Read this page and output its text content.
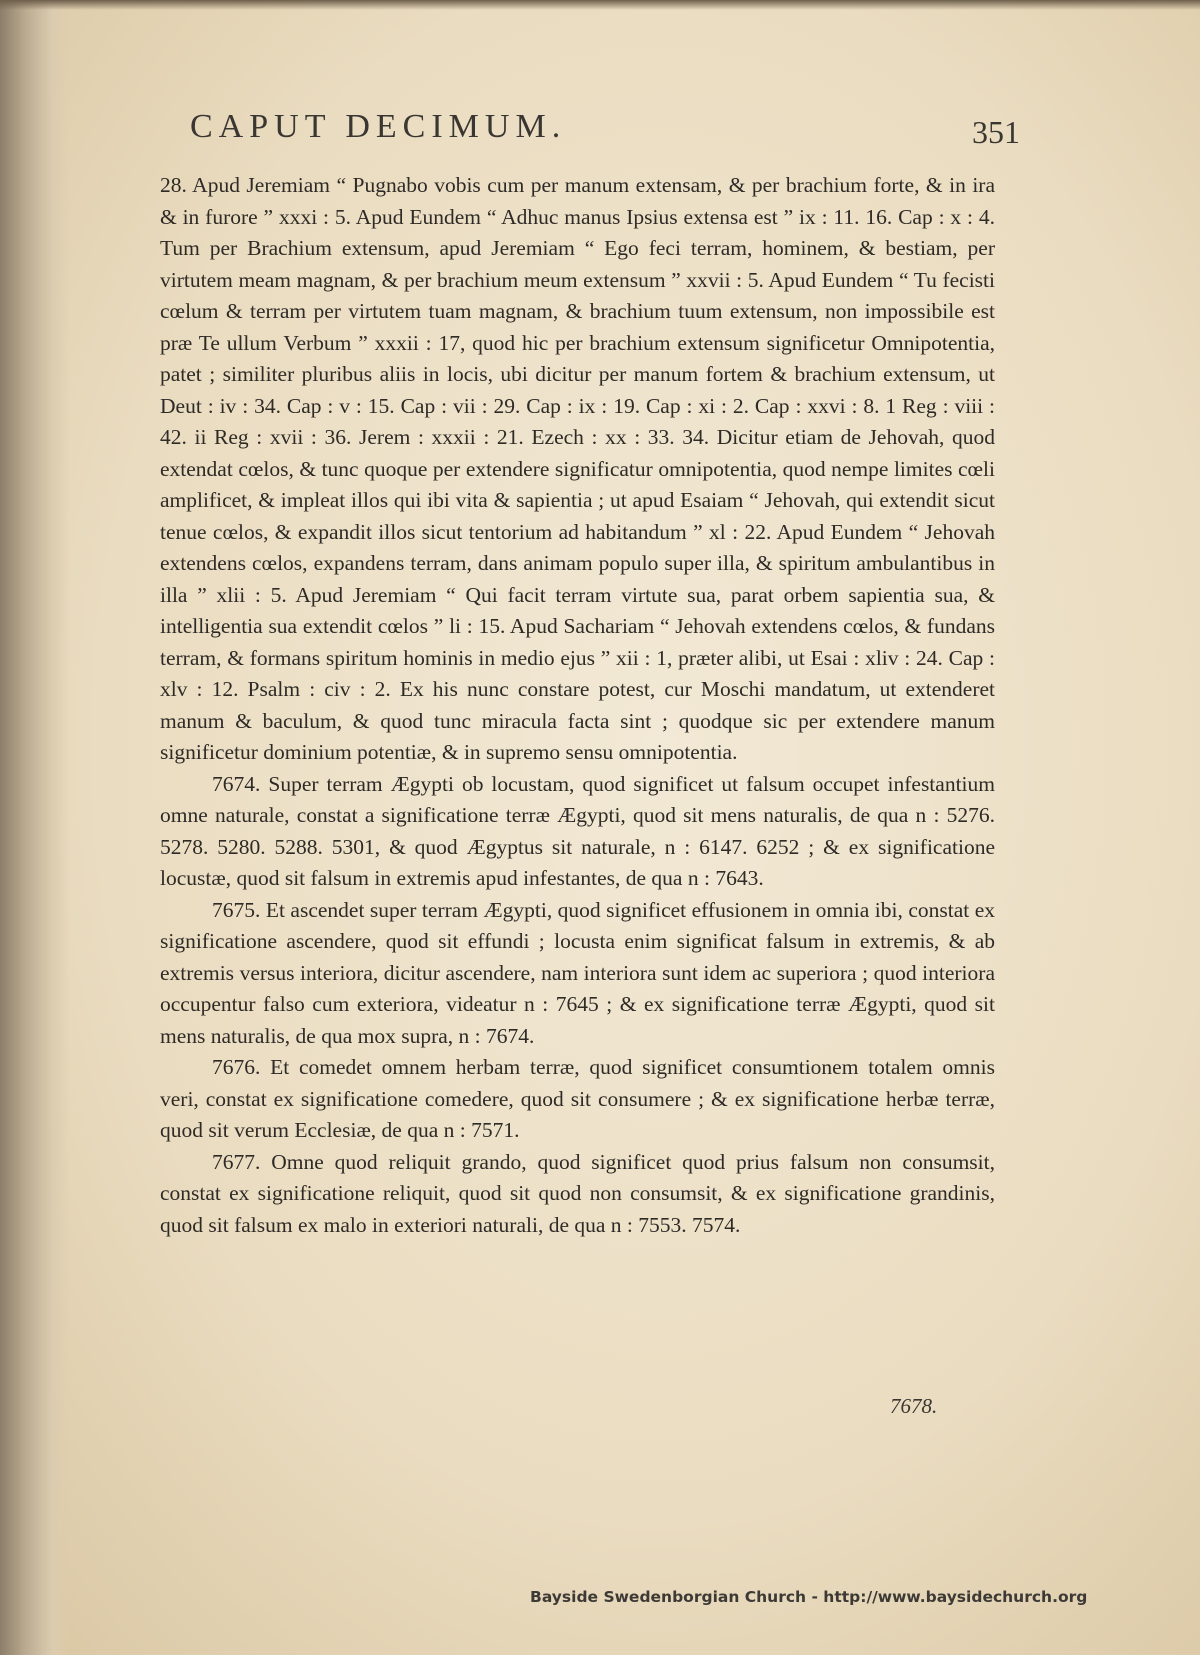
CAPUT DECIMUM.	351

28. Apud Jeremiam “ Pugnabo vobis cum per manum extensam, & per brachium forte, & in ira & in furore ” xxxi : 5. Apud Eundem “ Adhuc manus Ipsius extensa est ” ix : 11. 16. Cap : x : 4. Tum per Brachium extensum, apud Jeremiam “ Ego feci terram, hominem, & bestiam, per virtutem meam magnam, & per brachium meum extensum ” xxvii : 5. Apud Eundem “ Tu fecisti cœlum & terram per virtutem tuam magnam, & brachium tuum extensum, non impossibile est præ Te ullum Verbum ” xxxii : 17, quod hic per brachium extensum significetur Omnipotentia, patet ; similiter pluribus aliis in locis, ubi dicitur per manum fortem & brachium extensum, ut Deut : iv : 34. Cap : v : 15. Cap : vii : 29. Cap : ix : 19. Cap : xi : 2. Cap : xxvi : 8. 1 Reg : viii : 42. ii Reg : xvii : 36. Jerem : xxxii : 21. Ezech : xx : 33. 34. Dicitur etiam de Jehovah, quod extendat cœlos, & tunc quoque per extendere significatur omnipotentia, quod nempe limites cœli amplificet, & impleat illos qui ibi vita & sapientia ; ut apud Esaiam “ Jehovah, qui extendit sicut tenue cœlos, & expandit illos sicut tentorium ad habitandum ” xl : 22. Apud Eundem “ Jehovah extendens cœlos, expandens terram, dans animam populo super illa, & spiritum ambulantibus in illa ” xlii : 5. Apud Jeremiam “ Qui facit terram virtute sua, parat orbem sapientia sua, & intelligentia sua extendit cœlos ” li : 15. Apud Sachariam “ Jehovah extendens cœlos, & fundans terram, & formans spiritum hominis in medio ejus ” xii : 1, præter alibi, ut Esai : xliv : 24. Cap : xlv : 12. Psalm : civ : 2. Ex his nunc constare potest, cur Moschi mandatum, ut extenderet manum & baculum, & quod tunc miracula facta sint ; quodque sic per extendere manum significetur dominium potentiæ, & in supremo sensu omnipotentia.

7674. Super terram Ægypti ob locustam, quod significet ut falsum occupet infestantium omne naturale, constat a significatione terræ Ægypti, quod sit mens naturalis, de qua n : 5276. 5278. 5280. 5288. 5301, & quod Ægyptus sit naturale, n : 6147. 6252 ; & ex significatione locustæ, quod sit falsum in extremis apud infestantes, de qua n : 7643.

7675. Et ascendet super terram Ægypti, quod significet effusionem in omnia ibi, constat ex significatione ascendere, quod sit effundi ; locusta enim significat falsum in extremis, & ab extremis versus interiora, dicitur ascendere, nam interiora sunt idem ac superiora ; quod interiora occupentur falso cum exteriora, videatur n : 7645 ; & ex significatione terræ Ægypti, quod sit mens naturalis, de qua mox supra, n : 7674.

7676. Et comedet omnem herbam terræ, quod significet consumtionem totalem omnis veri, constat ex significatione comedere, quod sit consumere ; & ex significatione herbæ terræ, quod sit verum Ecclesiæ, de qua n : 7571.

7677. Omne quod reliquit grando, quod significet quod prius falsum non consumsit, constat ex significatione reliquit, quod sit quod non consumsit, & ex significatione grandinis, quod sit falsum ex malo in exteriori naturali, de qua n : 7553. 7574.

7678.
Bayside Swedenborgian Church - http://www.baysidechurch.org
